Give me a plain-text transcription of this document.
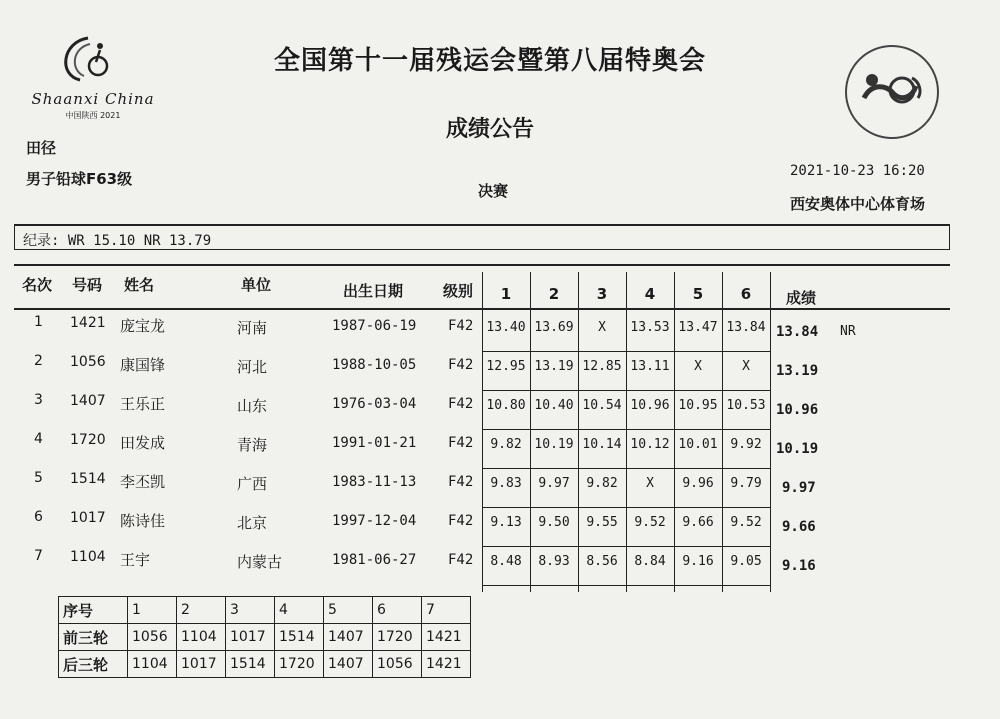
Shaanxi China
中国陕西 2021
全国第十一届残运会暨第八届特奥会
成绩公告
田径
男子铅球F63级
决赛
2021-10-23 16:20
西安奥体中心体育场
纪录: WR 15.10 NR 13.79
名次 号码 姓名	单位	出生日期	级别	1	2	3	4	5	6	成绩
1 1421 庞宝龙	河南	1987-06-19 F42	13.40 13.69	X	13.53 13.47 13.84 13.84 NR
2 1056 康国锋	河北	1988-10-05 F42	12.95 13.19 12.85 13.11	X	X	13.19
3 1407 王乐正	山东	1976-03-04 F42	10.80 10.40 10.54 10.96 10.95 10.53 10.96
4 1720 田发成	青海	1991-01-21 F42	9.82 10.19 10.14 10.12 10.01 9.92	10.19
5 1514 李丕凯	广西	1983-11-13 F42	9.83	9.97	9.82	X	9.96	9.79	9.97
6 1017 陈诗佳	北京	1997-12-04 F42	9.13	9.50	9.55	9.52	9.66	9.52	9.66
7 1104 王宇	内蒙古	1981-06-27 F42	8.48	8.93	8.56	8.84	9.16	9.05	9.16
序号	1	2	3	4	5	6	7
前三轮	1056	1104	1017	1514	1407	1720	1421
后三轮	1104	1017	1514	1720	1407	1056	1421
